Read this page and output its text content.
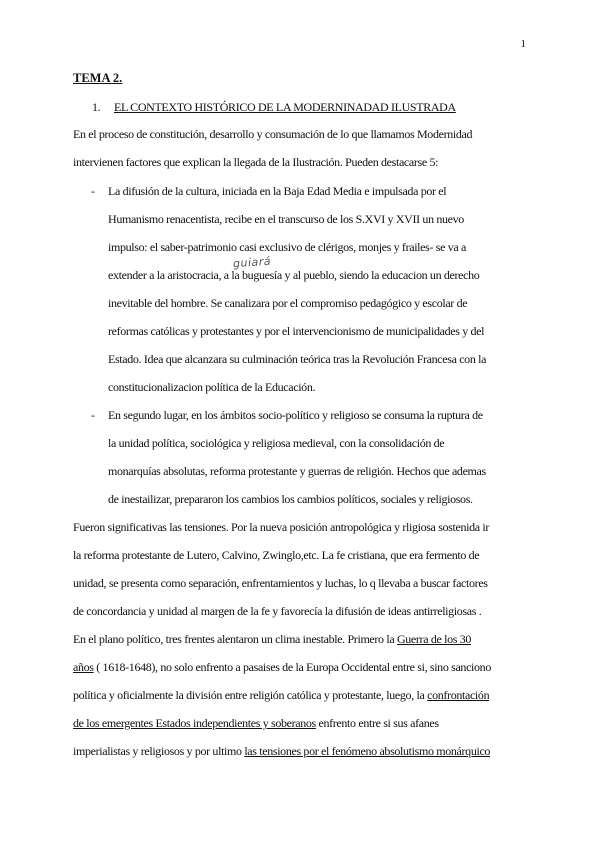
1
TEMA 2.
1. EL CONTEXTO HISTÓRICO DE LA MODERNINADAD ILUSTRADA
En el proceso de constitución, desarrollo y consumación de lo que llamamos Modernidad
intervienen factores que explican la llegada de la Ilustración. Pueden destacarse 5:
- La difusión de la cultura, iniciada en la Baja Edad Media e impulsada por el
Humanismo renacentista, recibe en el transcurso de los S.XVI y XVII un nuevo
impulso: el saber-patrimonio casi exclusivo de clérigos, monjes y frailes- se va a
extender a la aristocracia, a la buguesía y al pueblo, siendo la educacion un derecho
guiará
inevitable del hombre. Se canalizara por el compromiso pedagógico y escolar de
reformas católicas y protestantes y por el intervencionismo de municipalidades y del
Estado. Idea que alcanzara su culminación teórica tras la Revolución Francesa con la
constitucionalizacion política de la Educación.
- En segundo lugar, en los ámbitos socio-político y religioso se consuma la ruptura de
la unidad política, sociológica y religiosa medieval, con la consolidación de
monarquías absolutas, reforma protestante y guerras de religión. Hechos que ademas
de inestailizar, prepararon los cambios los cambios políticos, sociales y religiosos.
Fueron significativas las tensiones. Por la nueva posición antropológica y rligiosa sostenida ir
la reforma protestante de Lutero, Calvino, Zwinglo,etc. La fe cristiana, que era fermento de
unidad, se presenta como separación, enfrentamientos y luchas, lo q llevaba a buscar factores
de concordancia y unidad al margen de la fe y favorecía la difusión de ideas antirreligiosas .
En el plano político, tres frentes alentaron un clima inestable. Primero la Guerra de los 30
años ( 1618-1648), no solo enfrento a pasaises de la Europa Occidental entre si, sino sanciono
política y oficialmente la división entre religión católica y protestante, luego, la confrontación
de los emergentes Estados independientes y soberanos enfrento entre si sus afanes
imperialistas y religiosos y por ultimo las tensiones por el fenómeno absolutismo monárquico
